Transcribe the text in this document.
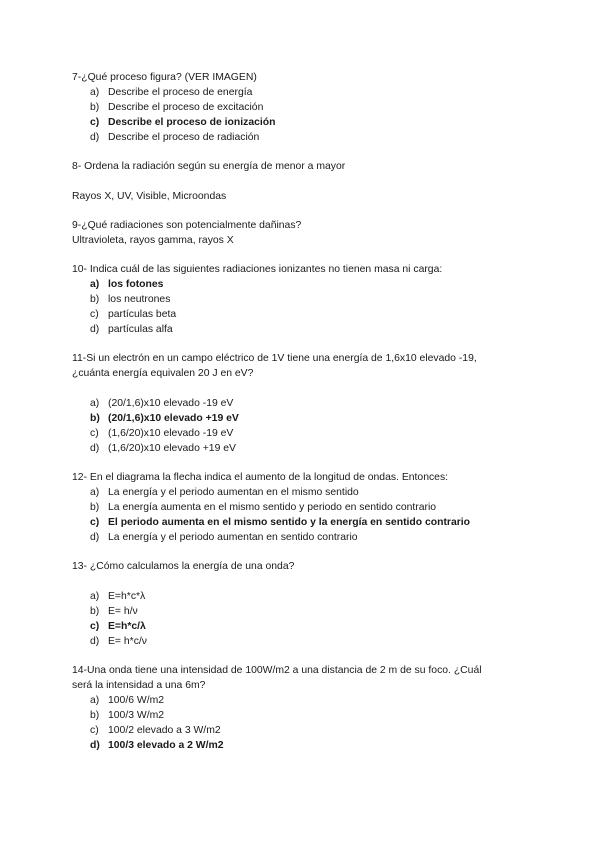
7-¿Qué proceso figura? (VER IMAGEN)
a) Describe el proceso de energía
b) Describe el proceso de excitación
c) Describe el proceso de ionización
d) Describe el proceso de radiación
8- Ordena la radiación según su energía de menor a mayor
Rayos X, UV, Visible, Microondas
9-¿Qué radiaciones son potencialmente dañinas?
Ultravioleta, rayos gamma, rayos X
10- Indica cuál de las siguientes radiaciones ionizantes no tienen masa ni carga:
a) los fotones
b) los neutrones
c) partículas beta
d) partículas alfa
11-Si un electrón en un campo eléctrico de 1V tiene una energía de 1,6x10 elevado -19,
¿cuánta energía equivalen 20 J en eV?
a) (20/1,6)x10 elevado -19 eV
b) (20/1,6)x10 elevado +19 eV
c) (1,6/20)x10 elevado -19 eV
d) (1,6/20)x10 elevado +19 eV
12- En el diagrama la flecha indica el aumento de la longitud de ondas. Entonces:
a) La energía y el periodo aumentan en el mismo sentido
b) La energía aumenta en el mismo sentido y periodo en sentido contrario
c) El periodo aumenta en el mismo sentido y la energía en sentido contrario
d) La energía y el periodo aumentan en sentido contrario
13- ¿Cómo calculamos la energía de una onda?
a) E=h*c*λ
b) E= h/ν
c) E=h*c/λ
d) E= h*c/ν
14-Una onda tiene una intensidad de 100W/m2 a una distancia de 2 m de su foco. ¿Cuál
será la intensidad a una 6m?
a) 100/6 W/m2
b) 100/3 W/m2
c) 100/2 elevado a 3 W/m2
d) 100/3 elevado a 2 W/m2
